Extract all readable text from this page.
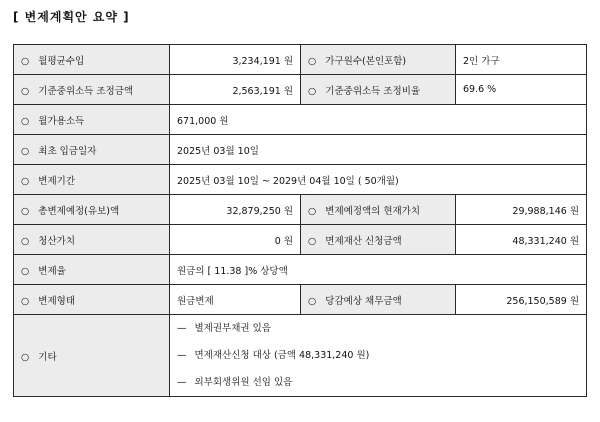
[ 변제계획안 요약 ]
○ 월평균수입	3,234,191 원	○ 가구원수(본인포함)	2인 가구
○ 기준중위소득 조정금액	2,563,191 원	○ 기준중위소득 조정비율	69.6 %
○ 월가용소득	671,000 원		
○ 최초 입금일자	2025년 03월 10일		
○ 변제기간	2025년 03월 10일 ~ 2029년 04월 10일 ( 50개월)		
○ 총변제예정(유보)액	32,879,250 원	○ 변제예정액의 현재가치	29,988,146 원
○ 청산가치	0 원	○ 면제재산 신청금액	48,331,240 원
○ 변제율	원금의 [ 11.38 ]% 상당액		
○ 변제형태	원금변제	○ 당감예상 채무금액	256,150,589 원
○ 기타	— 별제권부채권 있음
— 면제재산신청 대상 (금액 48,331,240 원)
— 외부회생위원 선임 있음		
